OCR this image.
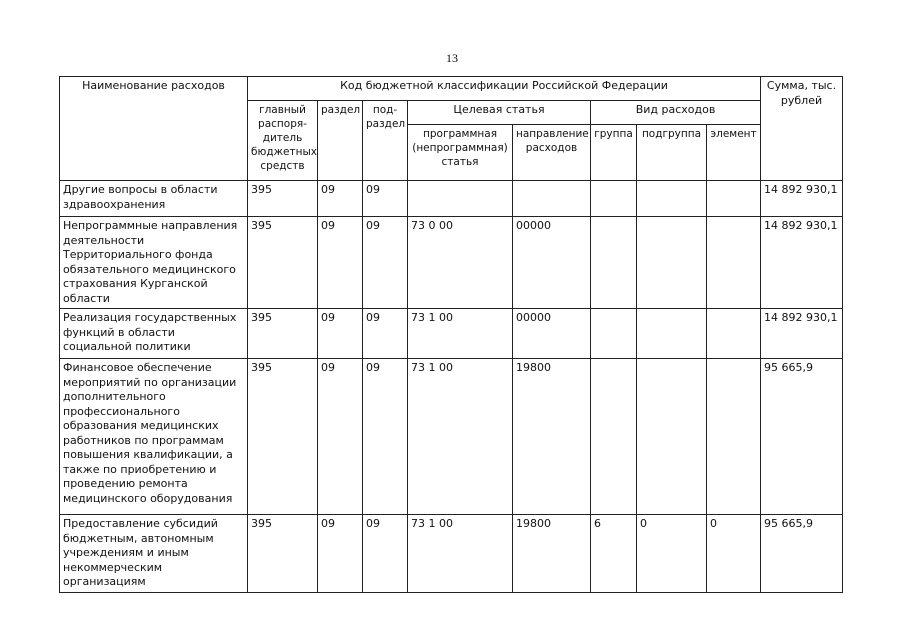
13
Наименование расходов	Код бюджетной классификации Российской Федерации								Сумма, тыс. рублей
	главный распоря-дитель бюджетных средств	раздел	под-раздел	Целевая статья		Вид расходов			
				программная (непрограммная) статья	направление расходов	группа	подгруппа	элемент	
Другие вопросы в области здравоохранения	395	09	09						14 892 930,1
Непрограммные направления деятельности Территориального фонда обязательного медицинского страхования Курганской области	395	09	09	73 0 00	00000				14 892 930,1
Реализация государственных функций в области социальной политики	395	09	09	73 1 00	00000				14 892 930,1
Финансовое обеспечение мероприятий по организации дополнительного профессионального образования медицинских работников по программам повышения квалификации, а также по приобретению и проведению ремонта медицинского оборудования	395	09	09	73 1 00	19800				95 665,9
Предоставление субсидий бюджетным, автономным учреждениям и иным некоммерческим организациям	395	09	09	73 1 00	19800	6	0	0	95 665,9
